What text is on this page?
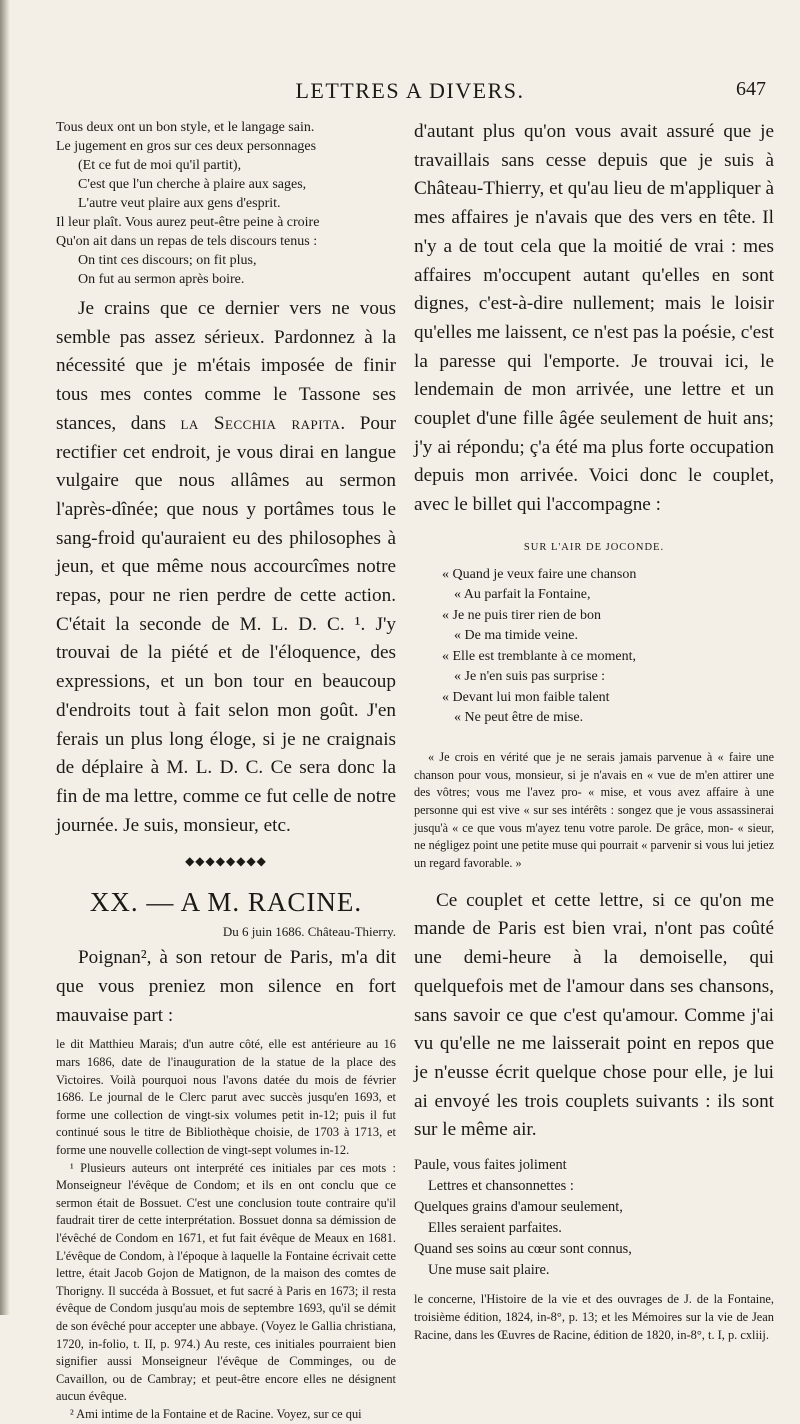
LETTRES A DIVERS.	647
Tous deux ont un bon style, et le langage sain.
Le jugement en gros sur ces deux personnages
(Et ce fut de moi qu'il partit),
C'est que l'un cherche à plaire aux sages,
L'autre veut plaire aux gens d'esprit.
Il leur plaît. Vous aurez peut-être peine à croire
Qu'on ait dans un repas de tels discours tenus :
On tint ces discours; on fit plus,
On fut au sermon après boire.

Je crains que ce dernier vers ne vous semble pas assez sérieux. Pardonnez à la nécessité que je m'étais imposée de finir tous mes contes comme le Tassone ses stances, dans la Secchia rapita. Pour rectifier cet endroit, je vous dirai en langue vulgaire que nous allâmes au sermon l'après-dînée; que nous y portâmes tous le sang-froid qu'auraient eu des philosophes à jeun, et que même nous accourcîmes notre repas, pour ne rien perdre de cette action. C'était la seconde de M. L. D. C. ¹. J'y trouvai de la piété et de l'éloquence, des expressions, et un bon tour en beaucoup d'endroits tout à fait selon mon goût. J'en ferais un plus long éloge, si je ne craignais de déplaire à M. L. D. C. Ce sera donc la fin de ma lettre, comme ce fut celle de notre journée. Je suis, monsieur, etc.

◆◆◆◆◆◆◆◆
XX. — A M. RACINE.
Du 6 juin 1686. Château-Thierry.

Poignan², à son retour de Paris, m'a dit que vous preniez mon silence en fort mauvaise part :

le dit Matthieu Marais; d'un autre côté, elle est antérieure au 16 mars 1686, date de l'inauguration de la statue de la place des Victoires. Voilà pourquoi nous l'avons datée du mois de février 1686. Le journal de le Clerc parut avec succès jusqu'en 1693, et forme une collection de vingt-six volumes petit in-12; puis il fut continué sous le titre de Bibliothèque choisie, de 1703 à 1713, et forme une nouvelle collection de vingt-sept volumes in-12.

¹ Plusieurs auteurs ont interprété ces initiales par ces mots : Monseigneur l'évêque de Condom; et ils en ont conclu que ce sermon était de Bossuet. C'est une conclusion toute contraire qu'il faudrait tirer de cette interprétation. Bossuet donna sa démission de l'évêché de Condom en 1671, et fut fait évêque de Meaux en 1681. L'évêque de Condom, à l'époque à laquelle la Fontaine écrivait cette lettre, était Jacob Gojon de Matignon, de la maison des comtes de Thorigny. Il succéda à Bossuet, et fut sacré à Paris en 1673; il resta évêque de Condom jusqu'au mois de septembre 1693, qu'il se démit de son évêché pour accepter une abbaye. (Voyez le Gallia christiana, 1720, in-folio, t. II, p. 974.) Au reste, ces initiales pourraient bien signifier aussi Monseigneur l'évêque de Comminges, ou de Cavaillon, ou de Cambray; et peut-être encore elles ne désignent aucun évêque.

² Ami intime de la Fontaine et de Racine. Voyez, sur ce qui

d'autant plus qu'on vous avait assuré que je travaillais sans cesse depuis que je suis à Château-Thierry, et qu'au lieu de m'appliquer à mes affaires je n'avais que des vers en tête. Il n'y a de tout cela que la moitié de vrai : mes affaires m'occupent autant qu'elles en sont dignes, c'est-à-dire nullement; mais le loisir qu'elles me laissent, ce n'est pas la poésie, c'est la paresse qui l'emporte. Je trouvai ici, le lendemain de mon arrivée, une lettre et un couplet d'une fille âgée seulement de huit ans; j'y ai répondu; ç'a été ma plus forte occupation depuis mon arrivée. Voici donc le couplet, avec le billet qui l'accompagne :

SUR L'AIR DE JOCONDE.
« Quand je veux faire une chanson
« Au parfait la Fontaine,
« Je ne puis tirer rien de bon
« De ma timide veine.
« Elle est tremblante à ce moment,
« Je n'en suis pas surprise :
« Devant lui mon faible talent
« Ne peut être de mise.

« Je crois en vérité que je ne serais jamais parvenue à « faire une chanson pour vous, monsieur, si je n'avais en « vue de m'en attirer une des vôtres; vous me l'avez pro- « mise, et vous avez affaire à une personne qui est vive « sur ses intérêts : songez que je vous assassinerai jusqu'à « ce que vous m'ayez tenu votre parole. De grâce, mon- « sieur, ne négligez point une petite muse qui pourrait « parvenir si vous lui jetiez un regard favorable. »

Ce couplet et cette lettre, si ce qu'on me mande de Paris est bien vrai, n'ont pas coûté une demi-heure à la demoiselle, qui quelquefois met de l'amour dans ses chansons, sans savoir ce que c'est qu'amour. Comme j'ai vu qu'elle ne me laisserait point en repos que je n'eusse écrit quelque chose pour elle, je lui ai envoyé les trois couplets suivants : ils sont sur le même air.

Paule, vous faites joliment
Lettres et chansonnettes :
Quelques grains d'amour seulement,
Elles seraient parfaites.
Quand ses soins au cœur sont connus,
Une muse sait plaire.
le concerne, l'Histoire de la vie et des ouvrages de J. de la Fontaine, troisième édition, 1824, in-8°, p. 13; et les Mémoires sur la vie de Jean Racine, dans les Œuvres de Racine, édition de 1820, in-8°, t. I, p. cxliij.
